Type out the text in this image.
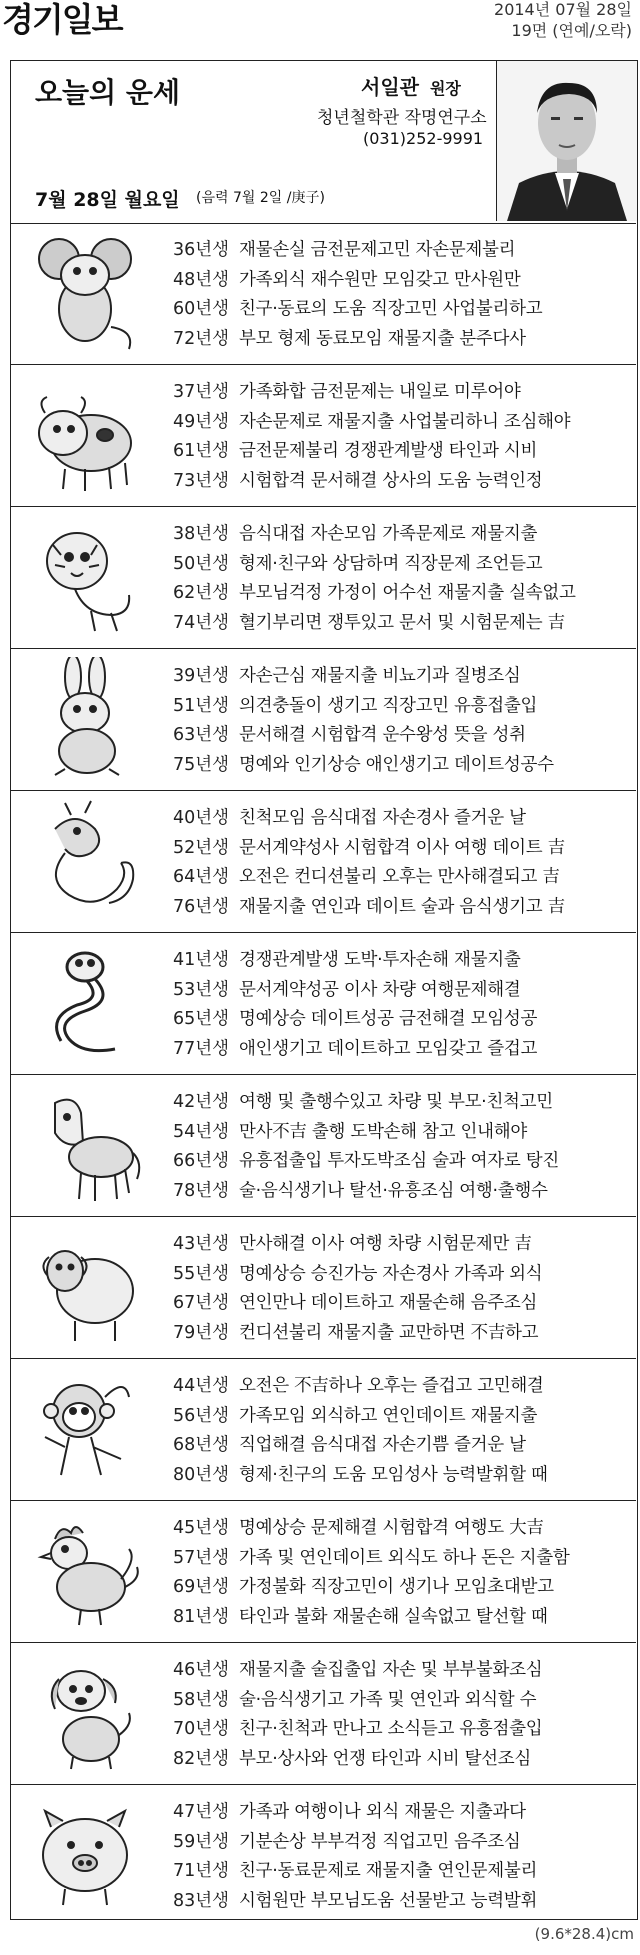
경기일보	2014년 07월 28일
19면 (연예/오락)
오늘의 운세	서일관 원장
청년철학관 작명연구소
(031)252-9991
7월 28일 월요일 (음력 7월 2일 /庚子)
36년생 재물손실 금전문제고민 자손문제불리
48년생 가족외식 재수원만 모임갖고 만사원만
60년생 친구·동료의 도움 직장고민 사업불리하고
72년생 부모 형제 동료모임 재물지출 분주다사
37년생 가족화합 금전문제는 내일로 미루어야
49년생 자손문제로 재물지출 사업불리하니 조심해야
61년생 금전문제불리 경쟁관계발생 타인과 시비
73년생 시험합격 문서해결 상사의 도움 능력인정
38년생 음식대접 자손모임 가족문제로 재물지출
50년생 형제·친구와 상담하며 직장문제 조언듣고
62년생 부모님걱정 가정이 어수선 재물지출 실속없고
74년생 혈기부리면 쟁투있고 문서 및 시험문제는 吉
39년생 자손근심 재물지출 비뇨기과 질병조심
51년생 의견충돌이 생기고 직장고민 유흥접출입
63년생 문서해결 시험합격 운수왕성 뜻을 성취
75년생 명예와 인기상승 애인생기고 데이트성공수
40년생 친척모임 음식대접 자손경사 즐거운 날
52년생 문서계약성사 시험합격 이사 여행 데이트 吉
64년생 오전은 컨디션불리 오후는 만사해결되고 吉
76년생 재물지출 연인과 데이트 술과 음식생기고 吉
41년생 경쟁관계발생 도박·투자손해 재물지출
53년생 문서계약성공 이사 차량 여행문제해결
65년생 명예상승 데이트성공 금전해결 모임성공
77년생 애인생기고 데이트하고 모임갖고 즐겁고
42년생 여행 및 출행수있고 차량 및 부모·친척고민
54년생 만사不吉 출행 도박손해 참고 인내해야
66년생 유흥접출입 투자도박조심 술과 여자로 탕진
78년생 술·음식생기나 탈선·유흥조심 여행·출행수
43년생 만사해결 이사 여행 차량 시험문제만 吉
55년생 명예상승 승진가능 자손경사 가족과 외식
67년생 연인만나 데이트하고 재물손해 음주조심
79년생 컨디션불리 재물지출 교만하면 不吉하고
44년생 오전은 不吉하나 오후는 즐겁고 고민해결
56년생 가족모임 외식하고 연인데이트 재물지출
68년생 직업해결 음식대접 자손기쁨 즐거운 날
80년생 형제·친구의 도움 모임성사 능력발휘할 때
45년생 명예상승 문제해결 시험합격 여행도 大吉
57년생 가족 및 연인데이트 외식도 하나 돈은 지출함
69년생 가정불화 직장고민이 생기나 모임초대받고
81년생 타인과 불화 재물손해 실속없고 탈선할 때
46년생 재물지출 술집출입 자손 및 부부불화조심
58년생 술·음식생기고 가족 및 연인과 외식할 수
70년생 친구·친척과 만나고 소식듣고 유흥점출입
82년생 부모·상사와 언쟁 타인과 시비 탈선조심
47년생 가족과 여행이나 외식 재물은 지출과다
59년생 기분손상 부부걱정 직업고민 음주조심
71년생 친구·동료문제로 재물지출 연인문제불리
83년생 시험원만 부모님도움 선물받고 능력발휘
(9.6*28.4)cm
